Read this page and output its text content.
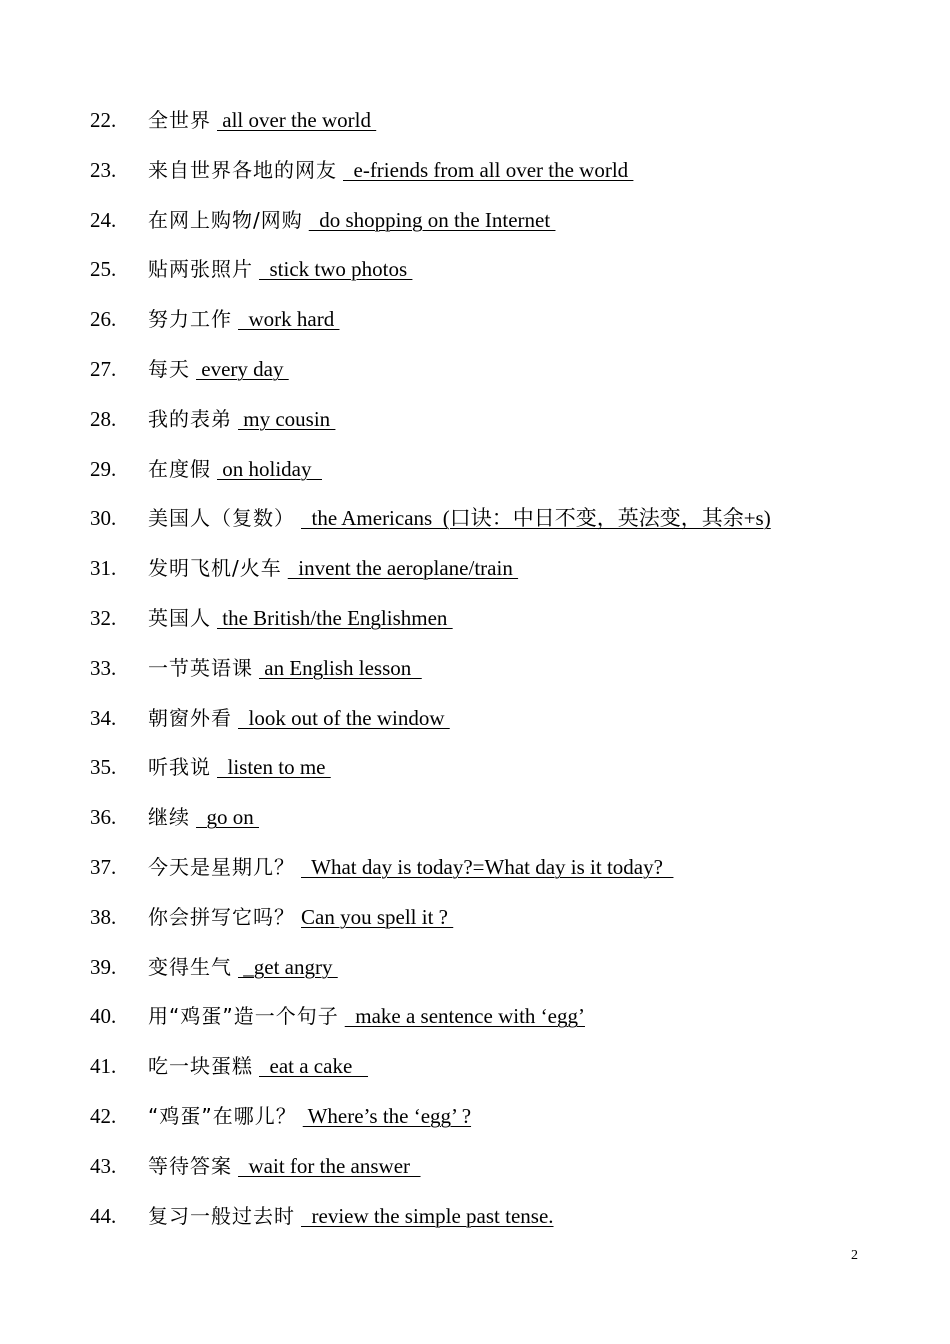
22.	全世界 all over the world
23.	来自世界各地的网友 e-friends from all over the world
24.	在网上购物/网购 do shopping on the Internet
25.	贴两张照片 stick two photos
26.	努力工作 work hard
27.	每天 every day
28.	我的表弟 my cousin
29.	在度假 on holiday
30.	美国人（复数） the Americans  (口诀：中日不变，英法变，其余+s)
31.	发明飞机/火车 invent the aeroplane/train
32.	英国人 the British/the Englishmen
33.	一节英语课 an English lesson
34.	朝窗外看 look out of the window
35.	听我说 listen to me
36.	继续 go on
37.	今天是星期几？ What day is today?=What day is it today?
38.	你会拼写它吗？ Can you spell it ?
39.	变得生气 _get angry
40.	用“鸡蛋”造一个句子 make a sentence with ‘egg’
41.	吃一块蛋糕 eat a cake
42.	“鸡蛋”在哪儿？ Where’s the ‘egg’ ?
43.	等待答案 wait for the answer
44.	复习一般过去时 review the simple past tense.
2
